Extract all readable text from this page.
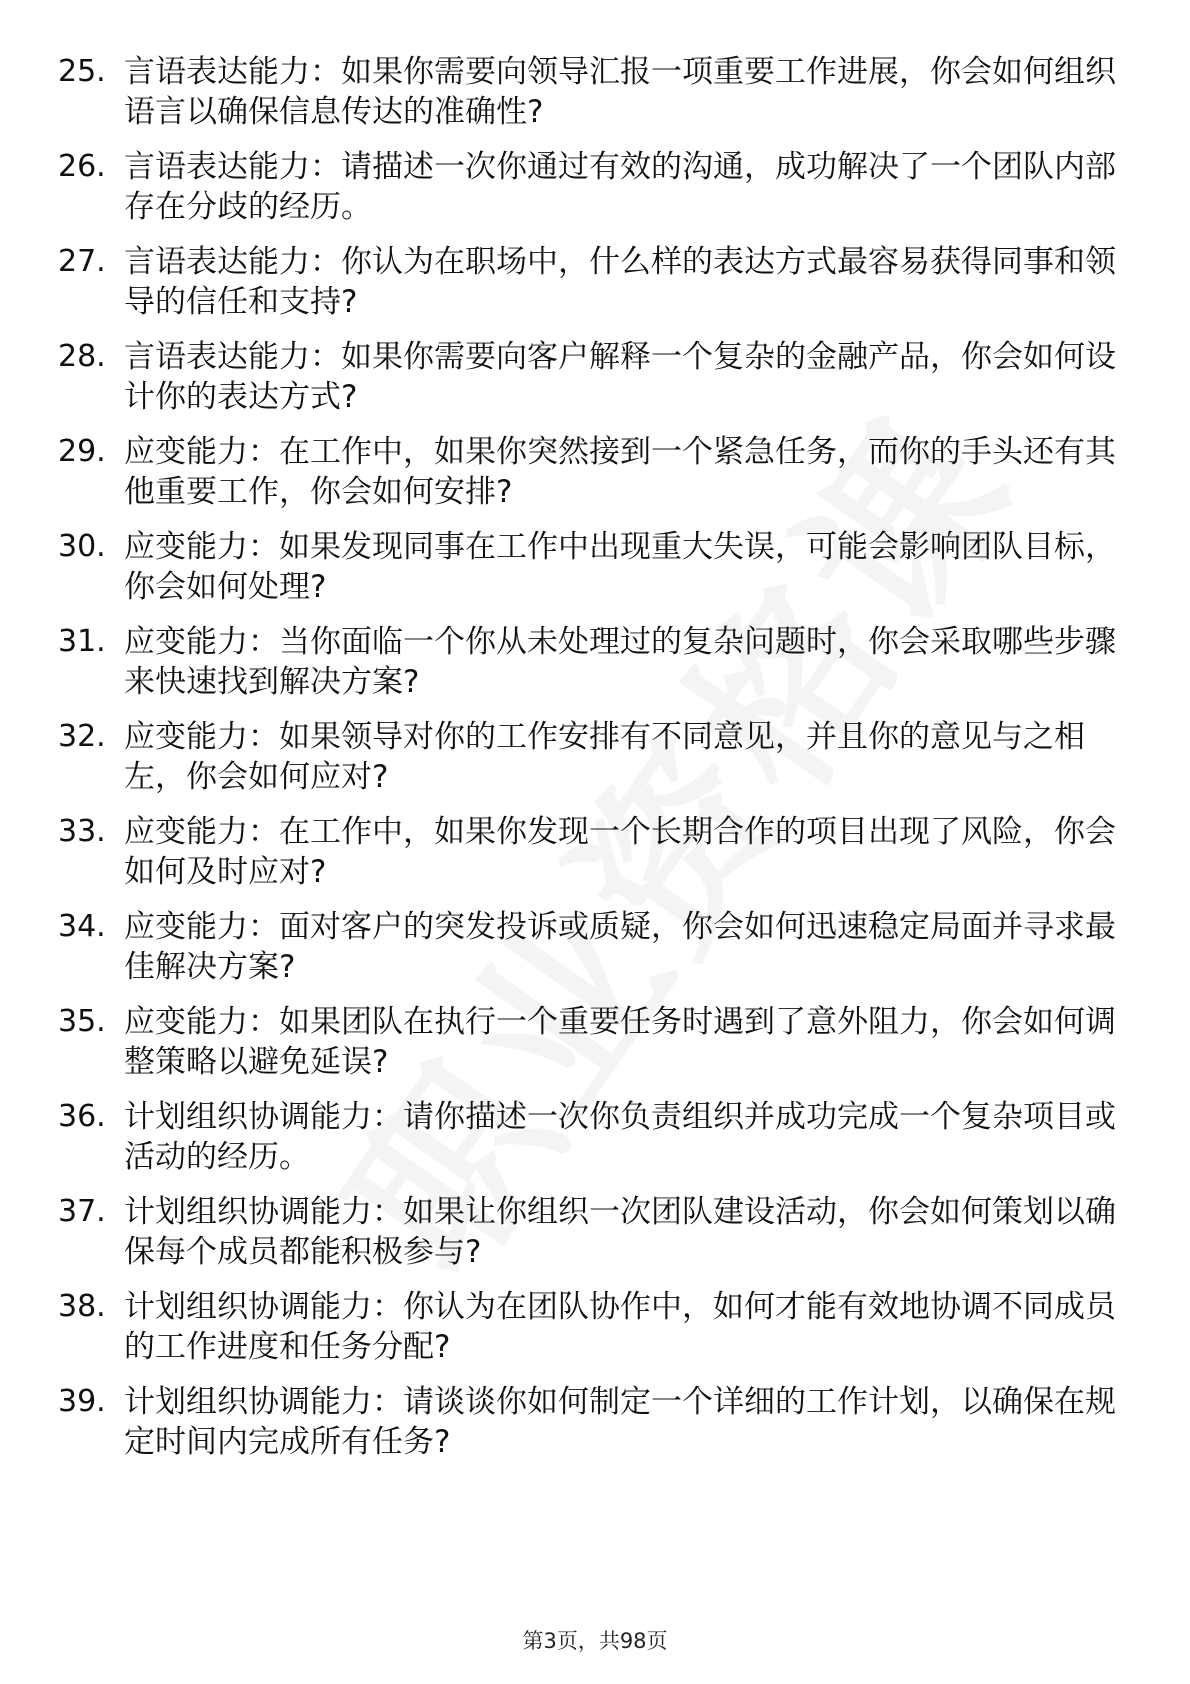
25. 言语表达能力：如果你需要向领导汇报一项重要工作进展，你会如何组织语言以确保信息传达的准确性?
26. 言语表达能力：请描述一次你通过有效的沟通，成功解决了一个团队内部存在分歧的经历。
27. 言语表达能力：你认为在职场中，什么样的表达方式最容易获得同事和领导的信任和支持?
28. 言语表达能力：如果你需要向客户解释一个复杂的金融产品，你会如何设计你的表达方式?
29. 应变能力：在工作中，如果你突然接到一个紧急任务，而你的手头还有其他重要工作，你会如何安排?
30. 应变能力：如果发现同事在工作中出现重大失误，可能会影响团队目标，你会如何处理?
31. 应变能力：当你面临一个你从未处理过的复杂问题时，你会采取哪些步骤来快速找到解决方案?
32. 应变能力：如果领导对你的工作安排有不同意见，并且你的意见与之相左，你会如何应对?
33. 应变能力：在工作中，如果你发现一个长期合作的项目出现了风险，你会如何及时应对?
34. 应变能力：面对客户的突发投诉或质疑，你会如何迅速稳定局面并寻求最佳解决方案?
35. 应变能力：如果团队在执行一个重要任务时遇到了意外阻力，你会如何调整策略以避免延误?
36. 计划组织协调能力：请你描述一次你负责组织并成功完成一个复杂项目或活动的经历。
37. 计划组织协调能力：如果让你组织一次团队建设活动，你会如何策划以确保每个成员都能积极参与?
38. 计划组织协调能力：你认为在团队协作中，如何才能有效地协调不同成员的工作进度和任务分配?
39. 计划组织协调能力：请谈谈你如何制定一个详细的工作计划，以确保在规定时间内完成所有任务?
第3页，共98页
